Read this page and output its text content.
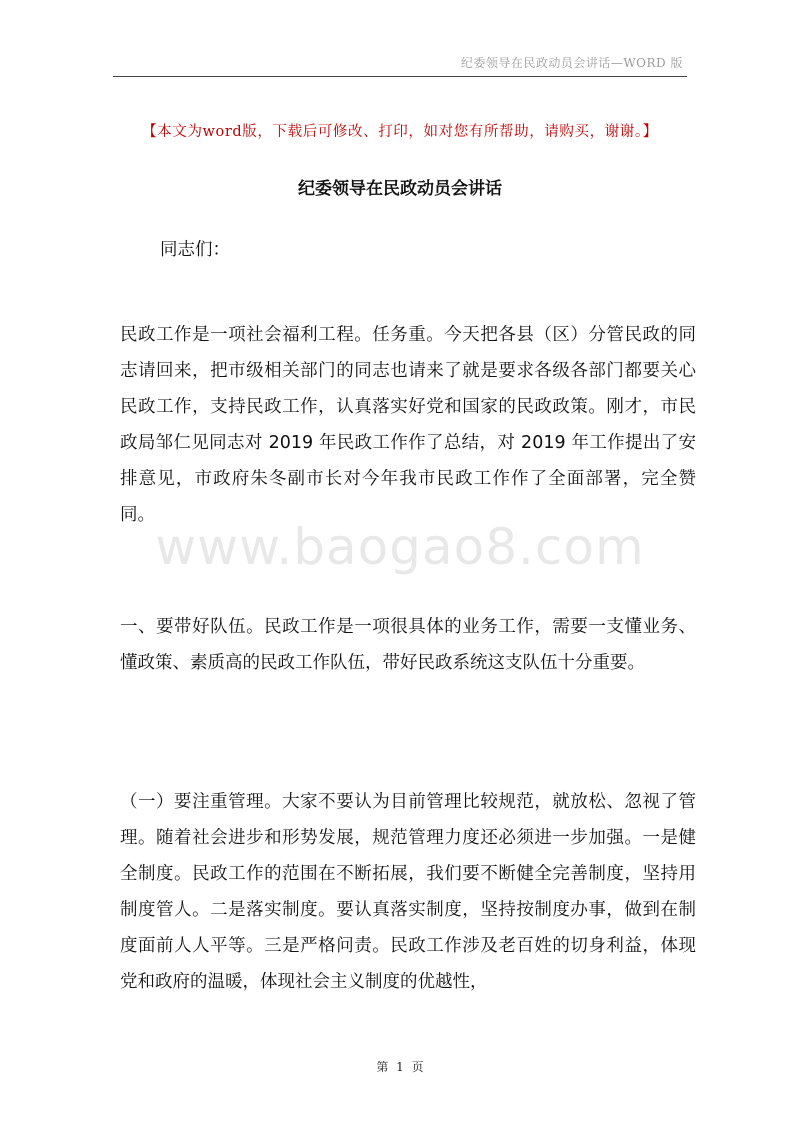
纪委领导在民政动员会讲话—WORD 版
【本文为word版，下载后可修改、打印，如对您有所帮助，请购买，谢谢。】
纪委领导在民政动员会讲话

同志们：

民政工作是一项社会福利工程。任务重。今天把各县（区）分管民政的同志请回来，把市级相关部门的同志也请来了就是要求各级各部门都要关心民政工作，支持民政工作，认真落实好党和国家的民政政策。刚才，市民政局邹仁见同志对 2019 年民政工作作了总结，对 2019 年工作提出了安排意见，市政府朱冬副市长对今年我市民政工作作了全面部署，完全赞同。

www.baogao8.com

一、要带好队伍。民政工作是一项很具体的业务工作，需要一支懂业务、懂政策、素质高的民政工作队伍，带好民政系统这支队伍十分重要。

（一）要注重管理。大家不要认为目前管理比较规范，就放松、忽视了管理。随着社会进步和形势发展，规范管理力度还必须进一步加强。一是健全制度。民政工作的范围在不断拓展，我们要不断健全完善制度，坚持用制度管人。二是落实制度。要认真落实制度，坚持按制度办事，做到在制度面前人人平等。三是严格问责。民政工作涉及老百姓的切身利益，体现党和政府的温暖，体现社会主义制度的优越性，

第 1 页
